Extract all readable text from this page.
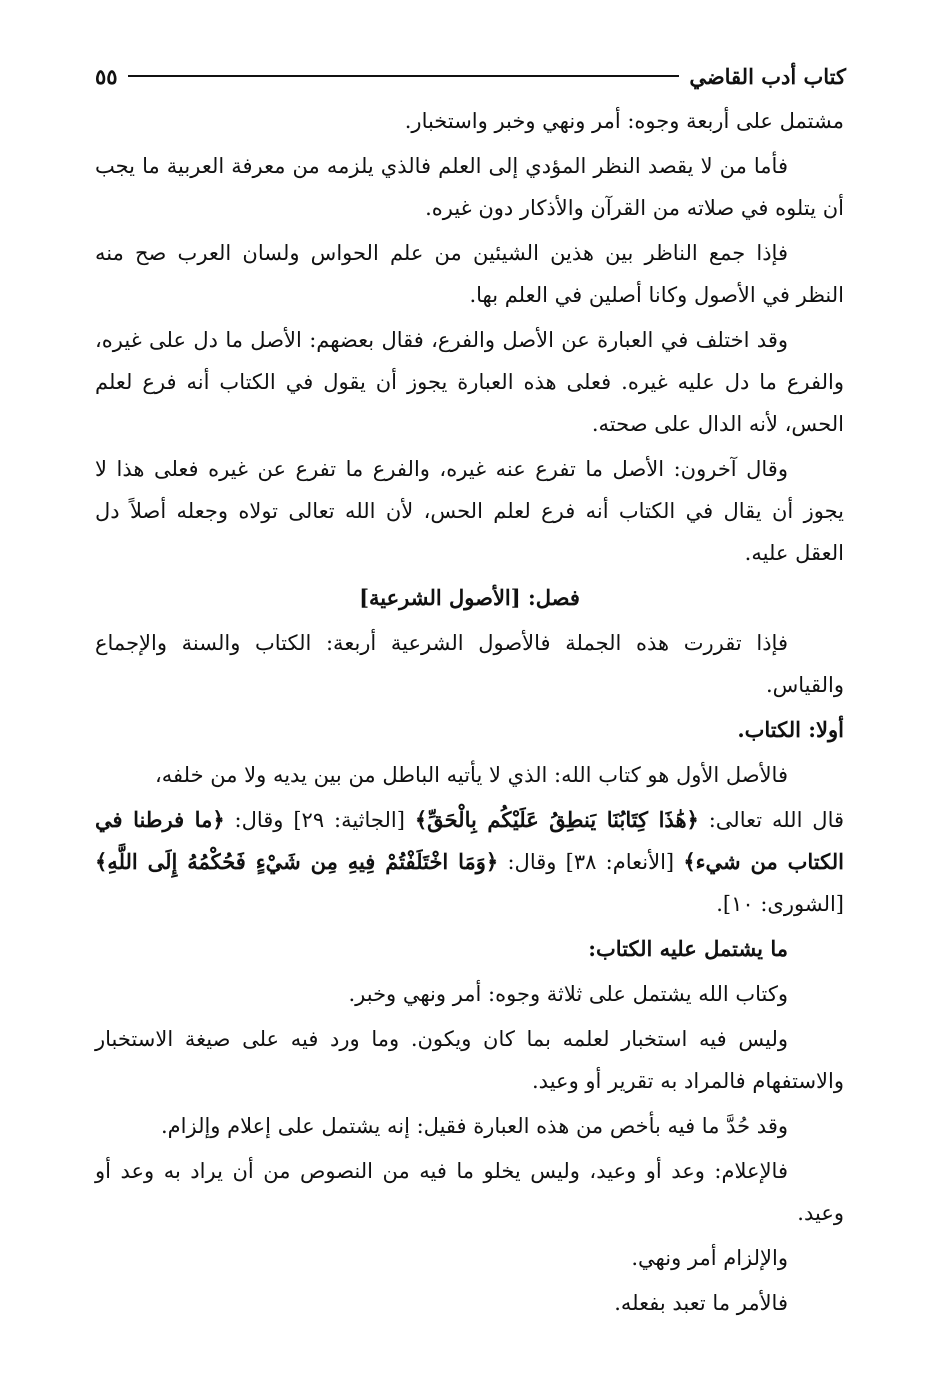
كتاب أدب القاضي
٥٥

مشتمل على أربعة وجوه: أمر ونهي وخبر واستخبار.

فأما من لا يقصد النظر المؤدي إلى العلم فالذي يلزمه من معرفة العربية ما يجب أن يتلوه في صلاته من القرآن والأذكار دون غيره.

فإذا جمع الناظر بين هذين الشيئين من علم الحواس ولسان العرب صح منه النظر في الأصول وكانا أصلين في العلم بها.

وقد اختلف في العبارة عن الأصل والفرع، فقال بعضهم: الأصل ما دل على غيره، والفرع ما دل عليه غيره. فعلى هذه العبارة يجوز أن يقول في الكتاب أنه فرع لعلم الحس، لأنه الدال على صحته.

وقال آخرون: الأصل ما تفرع عنه غيره، والفرع ما تفرع عن غيره فعلى هذا لا يجوز أن يقال في الكتاب أنه فرع لعلم الحس، لأن الله تعالى تولاه وجعله أصلاً دل العقل عليه.

فصل: [الأصول الشرعية]

فإذا تقررت هذه الجملة فالأصول الشرعية أربعة: الكتاب والسنة والإجماع والقياس.

أولا: الكتاب.

فالأصل الأول هو كتاب الله: الذي لا يأتيه الباطل من بين يديه ولا من خلفه،

قال الله تعالى: ﴿هَٰذَا كِتَابُنَا يَنطِقُ عَلَيْكُم بِالْحَقِّ﴾ [الجاثية: ٢٩] وقال: ﴿ما فرطنا في الكتاب من شيء﴾ [الأنعام: ٣٨] وقال: ﴿وَمَا اخْتَلَفْتُمْ فِيهِ مِن شَيْءٍ فَحُكْمُهُ إِلَى اللَّهِ﴾ [الشورى: ١٠].

ما يشتمل عليه الكتاب:

وكتاب الله يشتمل على ثلاثة وجوه: أمر ونهي وخبر.

وليس فيه استخبار لعلمه بما كان ويكون. وما ورد فيه على صيغة الاستخبار والاستفهام فالمراد به تقرير أو وعيد.

وقد حُدَّ ما فيه بأخص من هذه العبارة فقيل: إنه يشتمل على إعلام وإلزام.

فالإعلام: وعد أو وعيد، وليس يخلو ما فيه من النصوص من أن يراد به وعد أو وعيد.

والإلزام أمر ونهي.

فالأمر ما تعبد بفعله.
